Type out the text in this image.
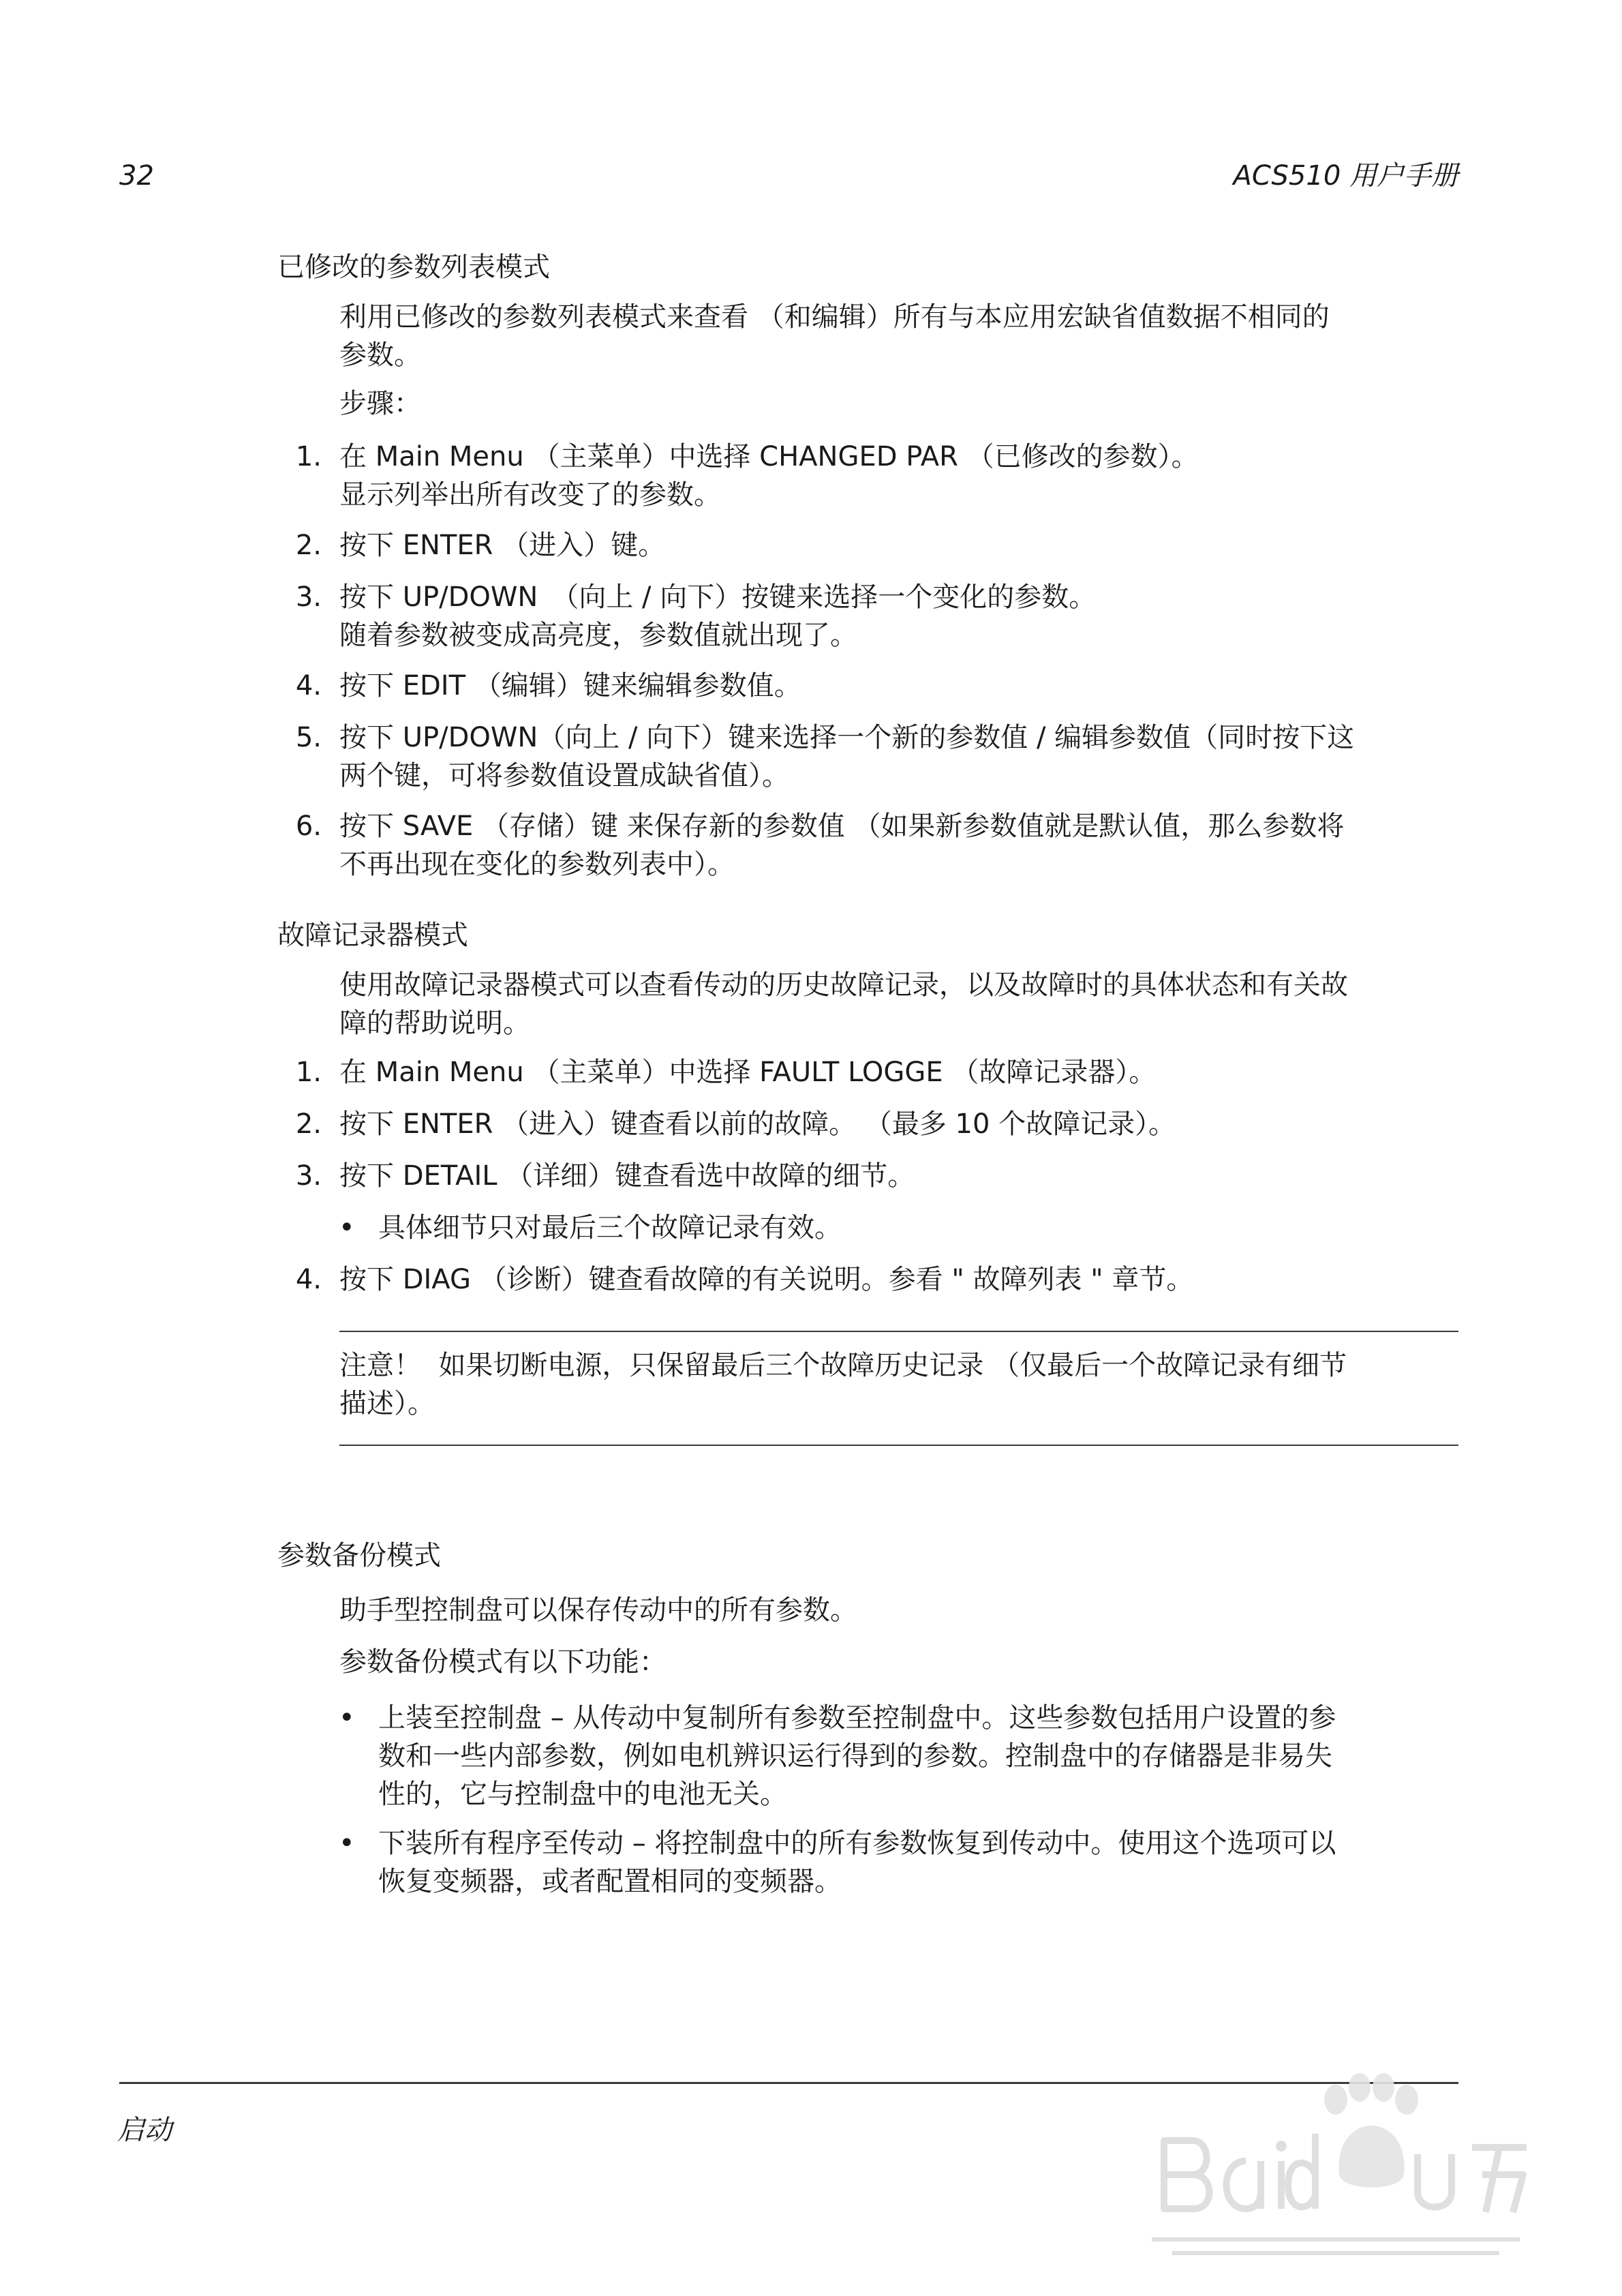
32	ACS510 用户手册
已修改的参数列表模式
利用已修改的参数列表模式来查看 （和编辑）所有与本应用宏缺省值数据不相同的
参数。
步骤：
1. 在 Main Menu （主菜单）中选择 CHANGED PAR （已修改的参数）。
显示列举出所有改变了的参数。
2. 按下 ENTER （进入）键。
3. 按下 UP/DOWN　（向上 / 向下）按键来选择一个变化的参数。
随着参数被变成高亮度，参数值就出现了。
4. 按下 EDIT （编辑）键来编辑参数值。
5. 按下 UP/DOWN（向上 / 向下）键来选择一个新的参数值 / 编辑参数值（同时按下这
两个键，可将参数值设置成缺省值）。
6. 按下 SAVE （存储）键 来保存新的参数值 （如果新参数值就是默认值，那么参数将
不再出现在变化的参数列表中）。
故障记录器模式
使用故障记录器模式可以查看传动的历史故障记录，以及故障时的具体状态和有关故
障的帮助说明。
1. 在 Main Menu （主菜单）中选择 FAULT LOGGE （故障记录器）。
2. 按下 ENTER （进入）键查看以前的故障。 （最多 10 个故障记录）。
3. 按下 DETAIL （详细）键查看选中故障的细节。
• 具体细节只对最后三个故障记录有效。
4. 按下 DIAG （诊断）键查看故障的有关说明。参看 " 故障列表 " 章节。
注意！ 如果切断电源，只保留最后三个故障历史记录 （仅最后一个故障记录有细节
描述）。
参数备份模式
助手型控制盘可以保存传动中的所有参数。
参数备份模式有以下功能：
• 上装至控制盘 – 从传动中复制所有参数至控制盘中。这些参数包括用户设置的参
数和一些内部参数，例如电机辨识运行得到的参数。控制盘中的存储器是非易失
性的，它与控制盘中的电池无关。
• 下装所有程序至传动 – 将控制盘中的所有参数恢复到传动中。使用这个选项可以
恢复变频器，或者配置相同的变频器。
启动
